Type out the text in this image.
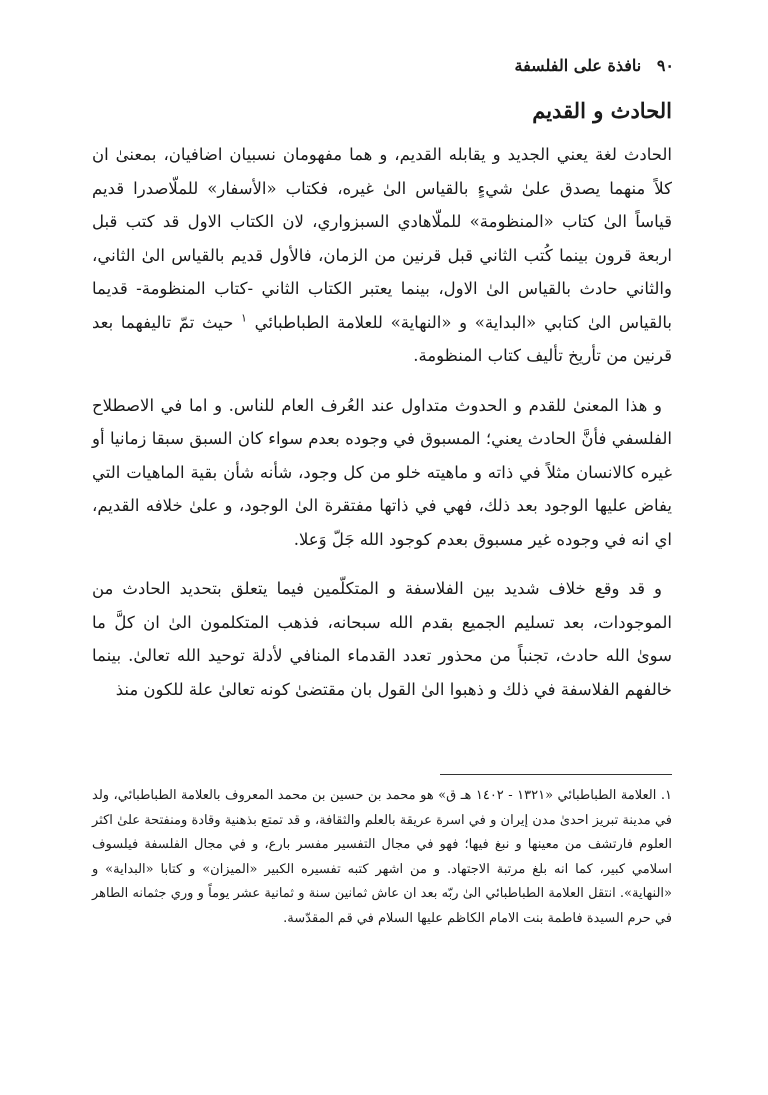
٩٠ نافذة على الفلسفة
الحادث و القديم

الحادث لغة يعني الجديد و يقابله القديم، و هما مفهومان نسبيان اضافيان، بمعنىٰ ان كلاً منهما يصدق علىٰ شيءٍ بالقياس الىٰ غيره، فكتاب «الأسفار» للملّاصدرا قديم قياساً الىٰ كتاب «المنظومة» للملّاهادي السبزواري، لان الكتاب الاول قد كتب قبل اربعة قرون بينما كُتب الثاني قبل قرنين من الزمان، فالأول قديم بالقياس الىٰ الثاني، والثاني حادث بالقياس الىٰ الاول، بينما يعتبر الكتاب الثاني -كتاب المنظومة- قديما بالقياس الىٰ كتابي «البداية» و «النهاية» للعلامة الطباطبائي $^١$ حيث تمّ تاليفهما بعد قرنين من تأريخ تأليف كتاب المنظومة.

و هذا المعنىٰ للقدم و الحدوث متداول عند العُرف العام للناس. و اما في الاصطلاح الفلسفي فأنَّ الحادث يعني؛ المسبوق في وجوده بعدم سواء كان السبق سبقا زمانيا أو غيره كالانسان مثلاً في ذاته و ماهيته خلو من كل وجود، شأنه شأن بقية الماهيات التي يفاض عليها الوجود بعد ذلك، فهي في ذاتها مفتقرة الىٰ الوجود، و علىٰ خلافه القديم، اي انه في وجوده غير مسبوق بعدم كوجود الله جَلّ وَعلا.

و قد وقع خلاف شديد بين الفلاسفة و المتكلّمين فيما يتعلق بتحديد الحادث من الموجودات، بعد تسليم الجميع بقدم الله سبحانه، فذهب المتكلمون الىٰ ان كلَّ ما سوىٰ الله حادث، تجنباً من محذور تعدد القدماء المنافي لأدلة توحيد الله تعالىٰ. بينما خالفهم الفلاسفة في ذلك و ذهبوا الىٰ القول بان مقتضىٰ كونه تعالىٰ علة للكون منذ

١. العلامة الطباطبائي «١٣٢١ - ١٤٠٢ هـ ق» هو محمد بن حسين بن محمد المعروف بالعلامة الطباطبائي، ولد في مدينة تبريز احدىٰ مدن إيران و في اسرة عريقة بالعلم والثقافة، و قد تمتع بذهنية وقادة ومنفتحة علىٰ اكثر العلوم فارتشف من معينها و نبغ فيها؛ فهو في مجال التفسير مفسر بارع، و في مجال الفلسفة فيلسوف اسلامي كبير، كما انه بلغ مرتبة الاجتهاد. و من اشهر كتبه تفسيره الكبير «الميزان» و كتابا «البداية» و «النهاية». انتقل العلامة الطباطبائي الىٰ ربّه بعد ان عاش ثمانين سنة و ثمانية عشر يوماً و وري جثمانه الطاهر في حرم السيدة فاطمة بنت الامام الكاظم عليها السلام في قم المقدّسة.
